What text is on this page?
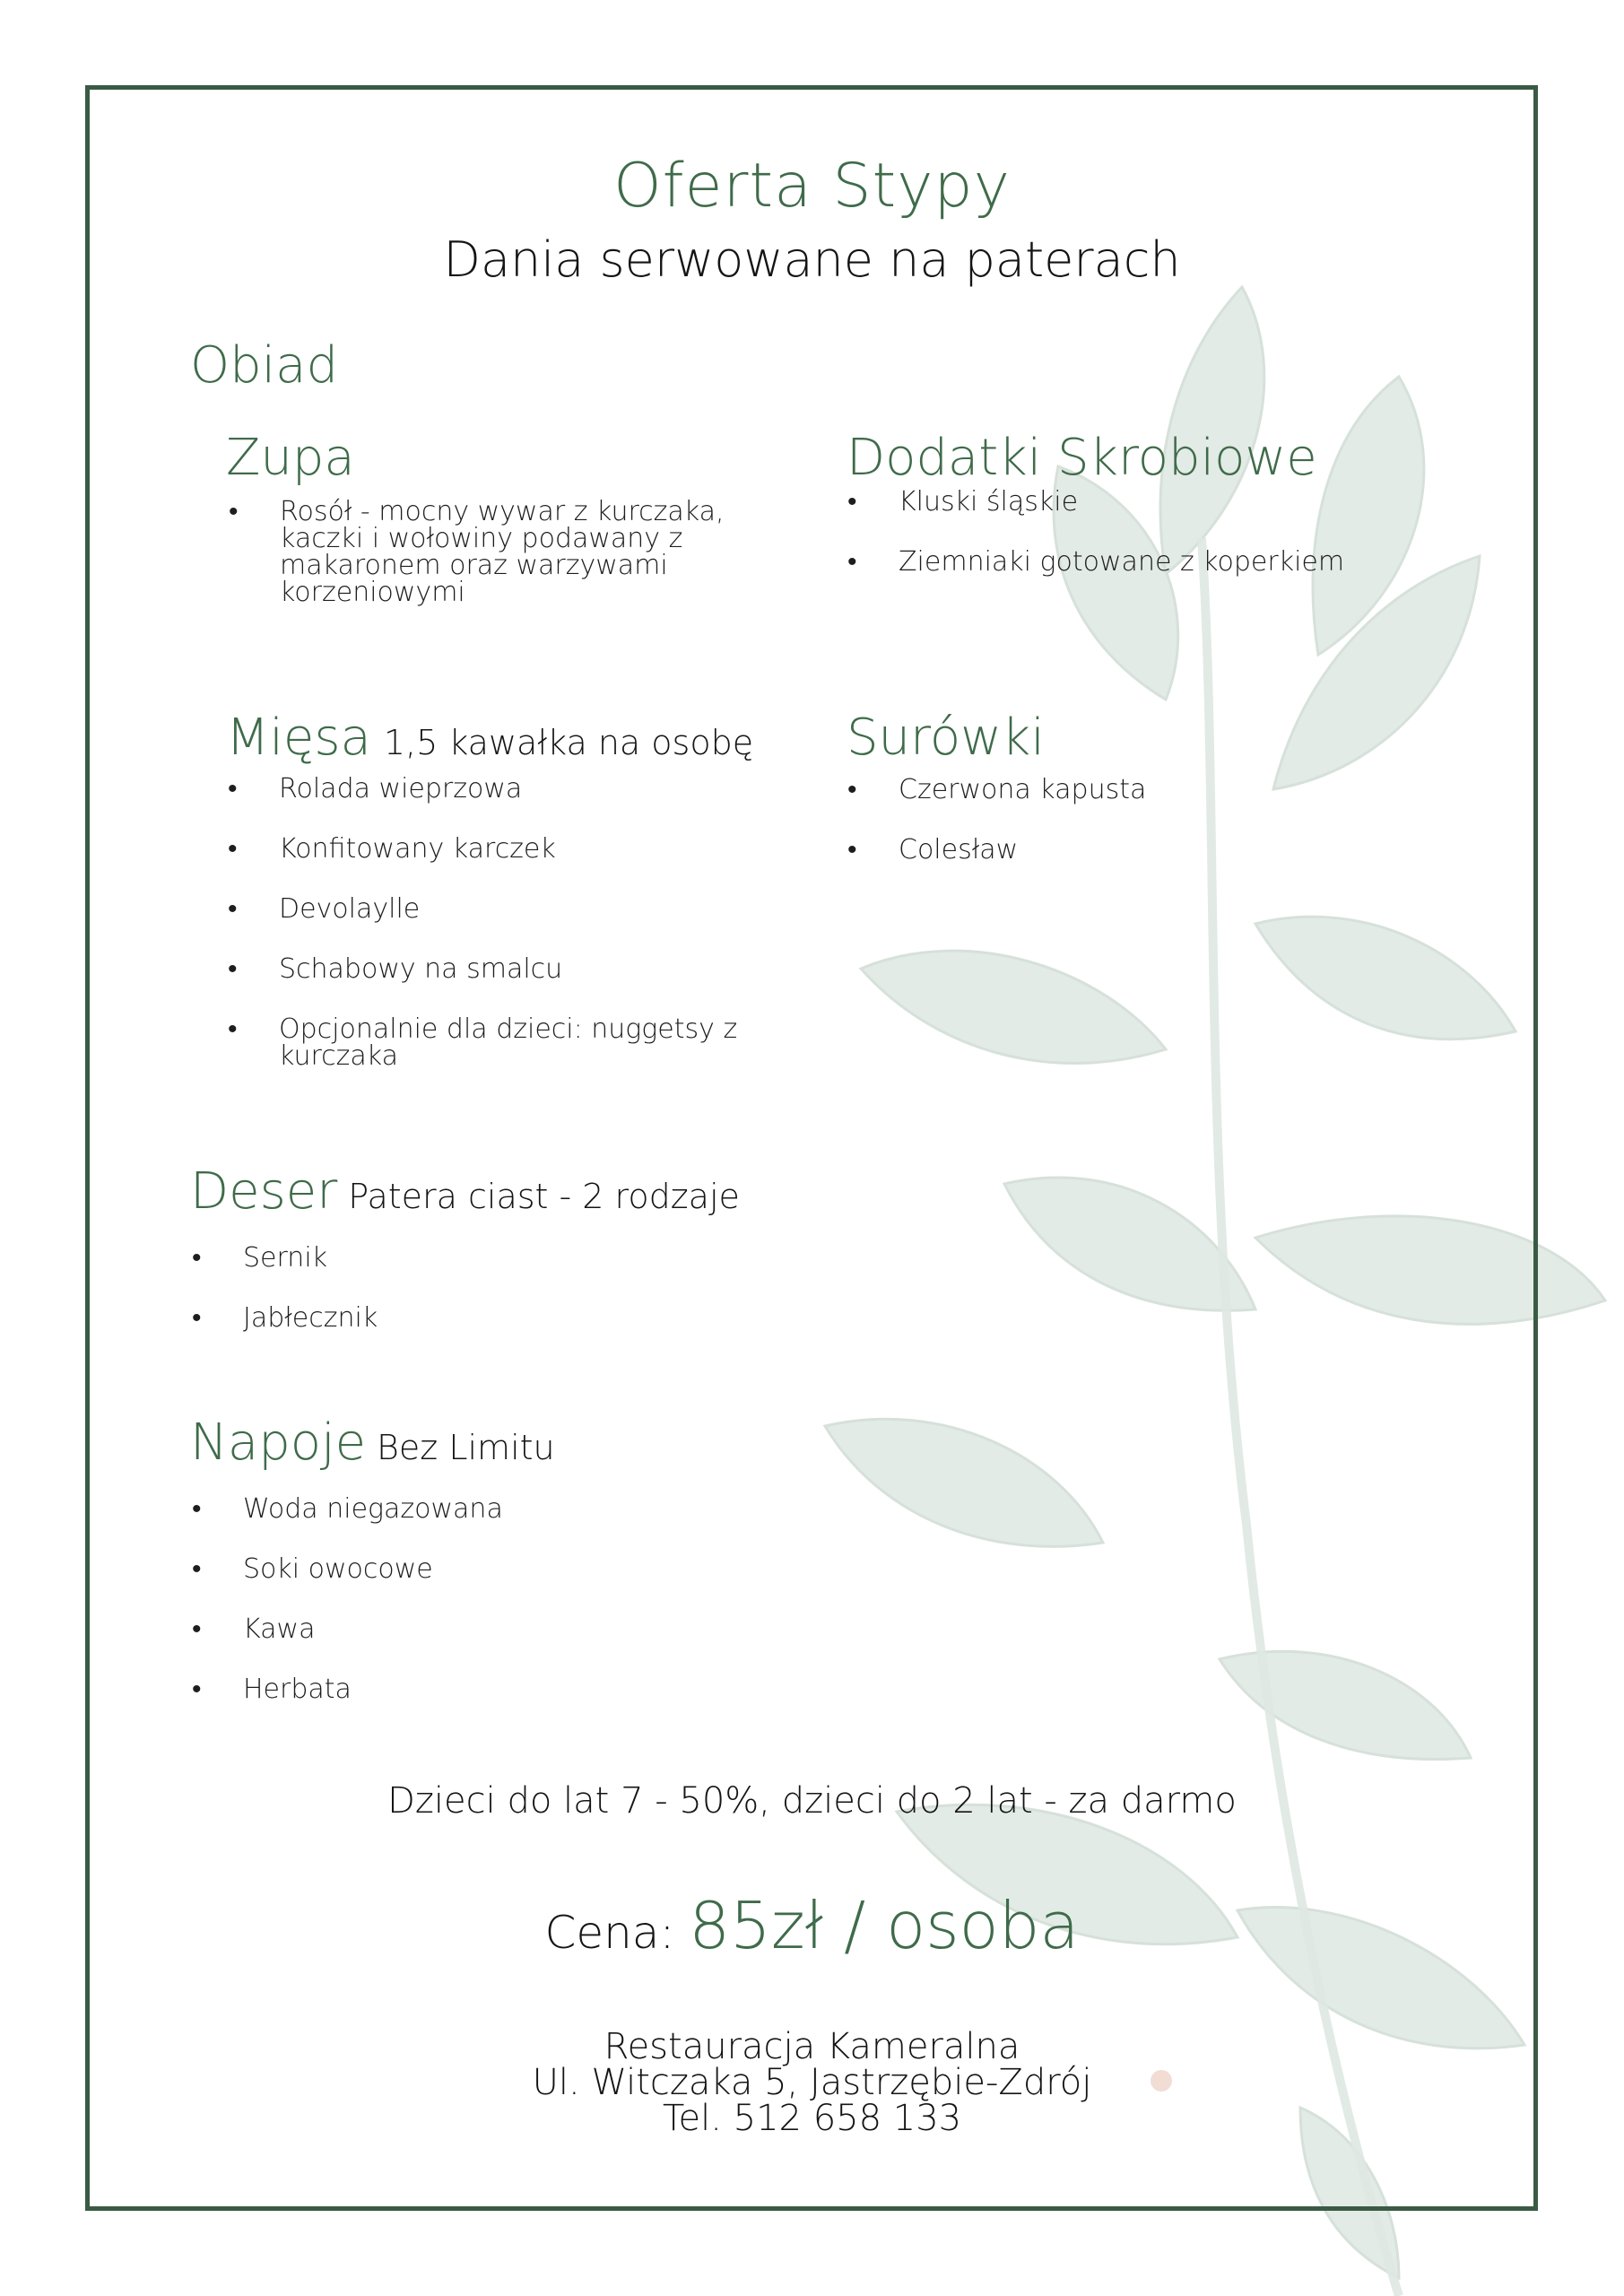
Oferta Stypy
Dania serwowane na paterach
Obiad
Zupa
• Rosół - mocny wywar z kurczaka, kaczki i wołowiny podawany z makaronem oraz warzywami korzeniowymi
Dodatki Skrobiowe
• Kluski śląskie
• Ziemniaki gotowane z koperkiem
Mięsa 1,5 kawałka na osobę
• Rolada wieprzowa
• Konfitowany karczek
• Devolaylle
• Schabowy na smalcu
• Opcjonalnie dla dzieci: nuggetsy z kurczaka
Surówki
• Czerwona kapusta
• Colesław
Deser Patera ciast - 2 rodzaje
• Sernik
• Jabłecznik
Napoje Bez Limitu
• Woda niegazowana
• Soki owocowe
• Kawa
• Herbata
Dzieci do lat 7 - 50%, dzieci do 2 lat - za darmo
Cena: 85zł / osoba
Restauracja Kameralna
Ul. Witczaka 5, Jastrzębie-Zdrój
Tel. 512 658 133
